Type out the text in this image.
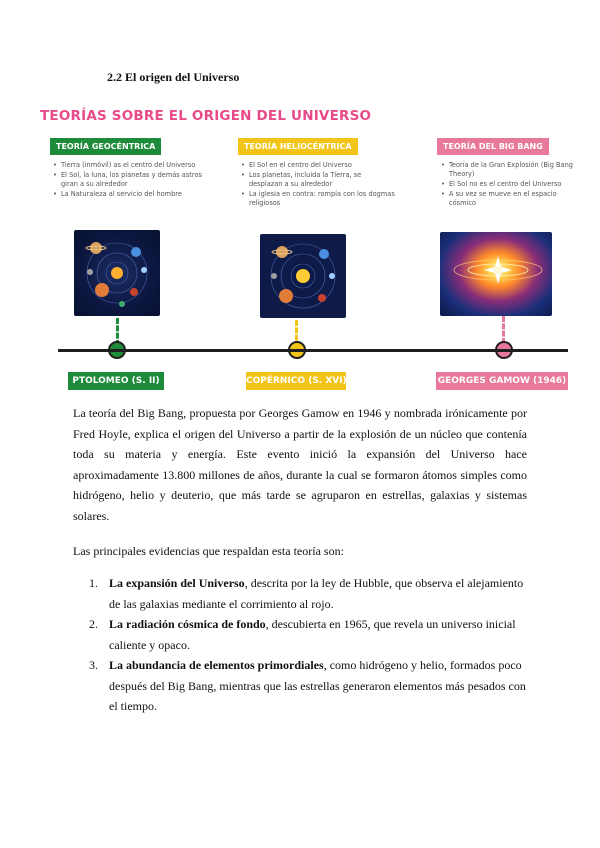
2.2 El origen del Universo
TEORÍAS SOBRE EL ORIGEN DEL UNIVERSO
TEORÍA GEOCÉNTRICA
• Tierra (inmóvil) as el centro del Universo
• El Sol, la luna, los planetas y demás astros giran a su alrededor
• La Naturaleza al servicio del hombre
PTOLOMEO (S. II)
TEORÍA HELIOCÉNTRICA
• El Sol en el centro del Universo
• Los planetas, incluida la Tierra, se desplazan a su alrededor
• La iglesia en contra: rompía con los dogmas religiosos
COPÉRNICO (S. XVI)
TEORÍA DEL BIG BANG
• Teoría de la Gran Explosión (Big Bang Theory)
• El Sol no es el centro del Universo
• A su vez se mueve en el espacio cósmico
GEORGES GAMOW (1946)

La teoría del Big Bang, propuesta por Georges Gamow en 1946 y nombrada irónicamente por Fred Hoyle, explica el origen del Universo a partir de la explosión de un núcleo que contenía toda su materia y energía. Este evento inició la expansión del Universo hace aproximadamente 13.800 millones de años, durante la cual se formaron átomos simples como hidrógeno, helio y deuterio, que más tarde se agruparon en estrellas, galaxias y sistemas solares.

Las principales evidencias que respaldan esta teoría son:

1. La expansión del Universo, descrita por la ley de Hubble, que observa el alejamiento de las galaxias mediante el corrimiento al rojo.
2. La radiación cósmica de fondo, descubierta en 1965, que revela un universo inicial caliente y opaco.
3. La abundancia de elementos primordiales, como hidrógeno y helio, formados poco después del Big Bang, mientras que las estrellas generaron elementos más pesados con el tiempo.
